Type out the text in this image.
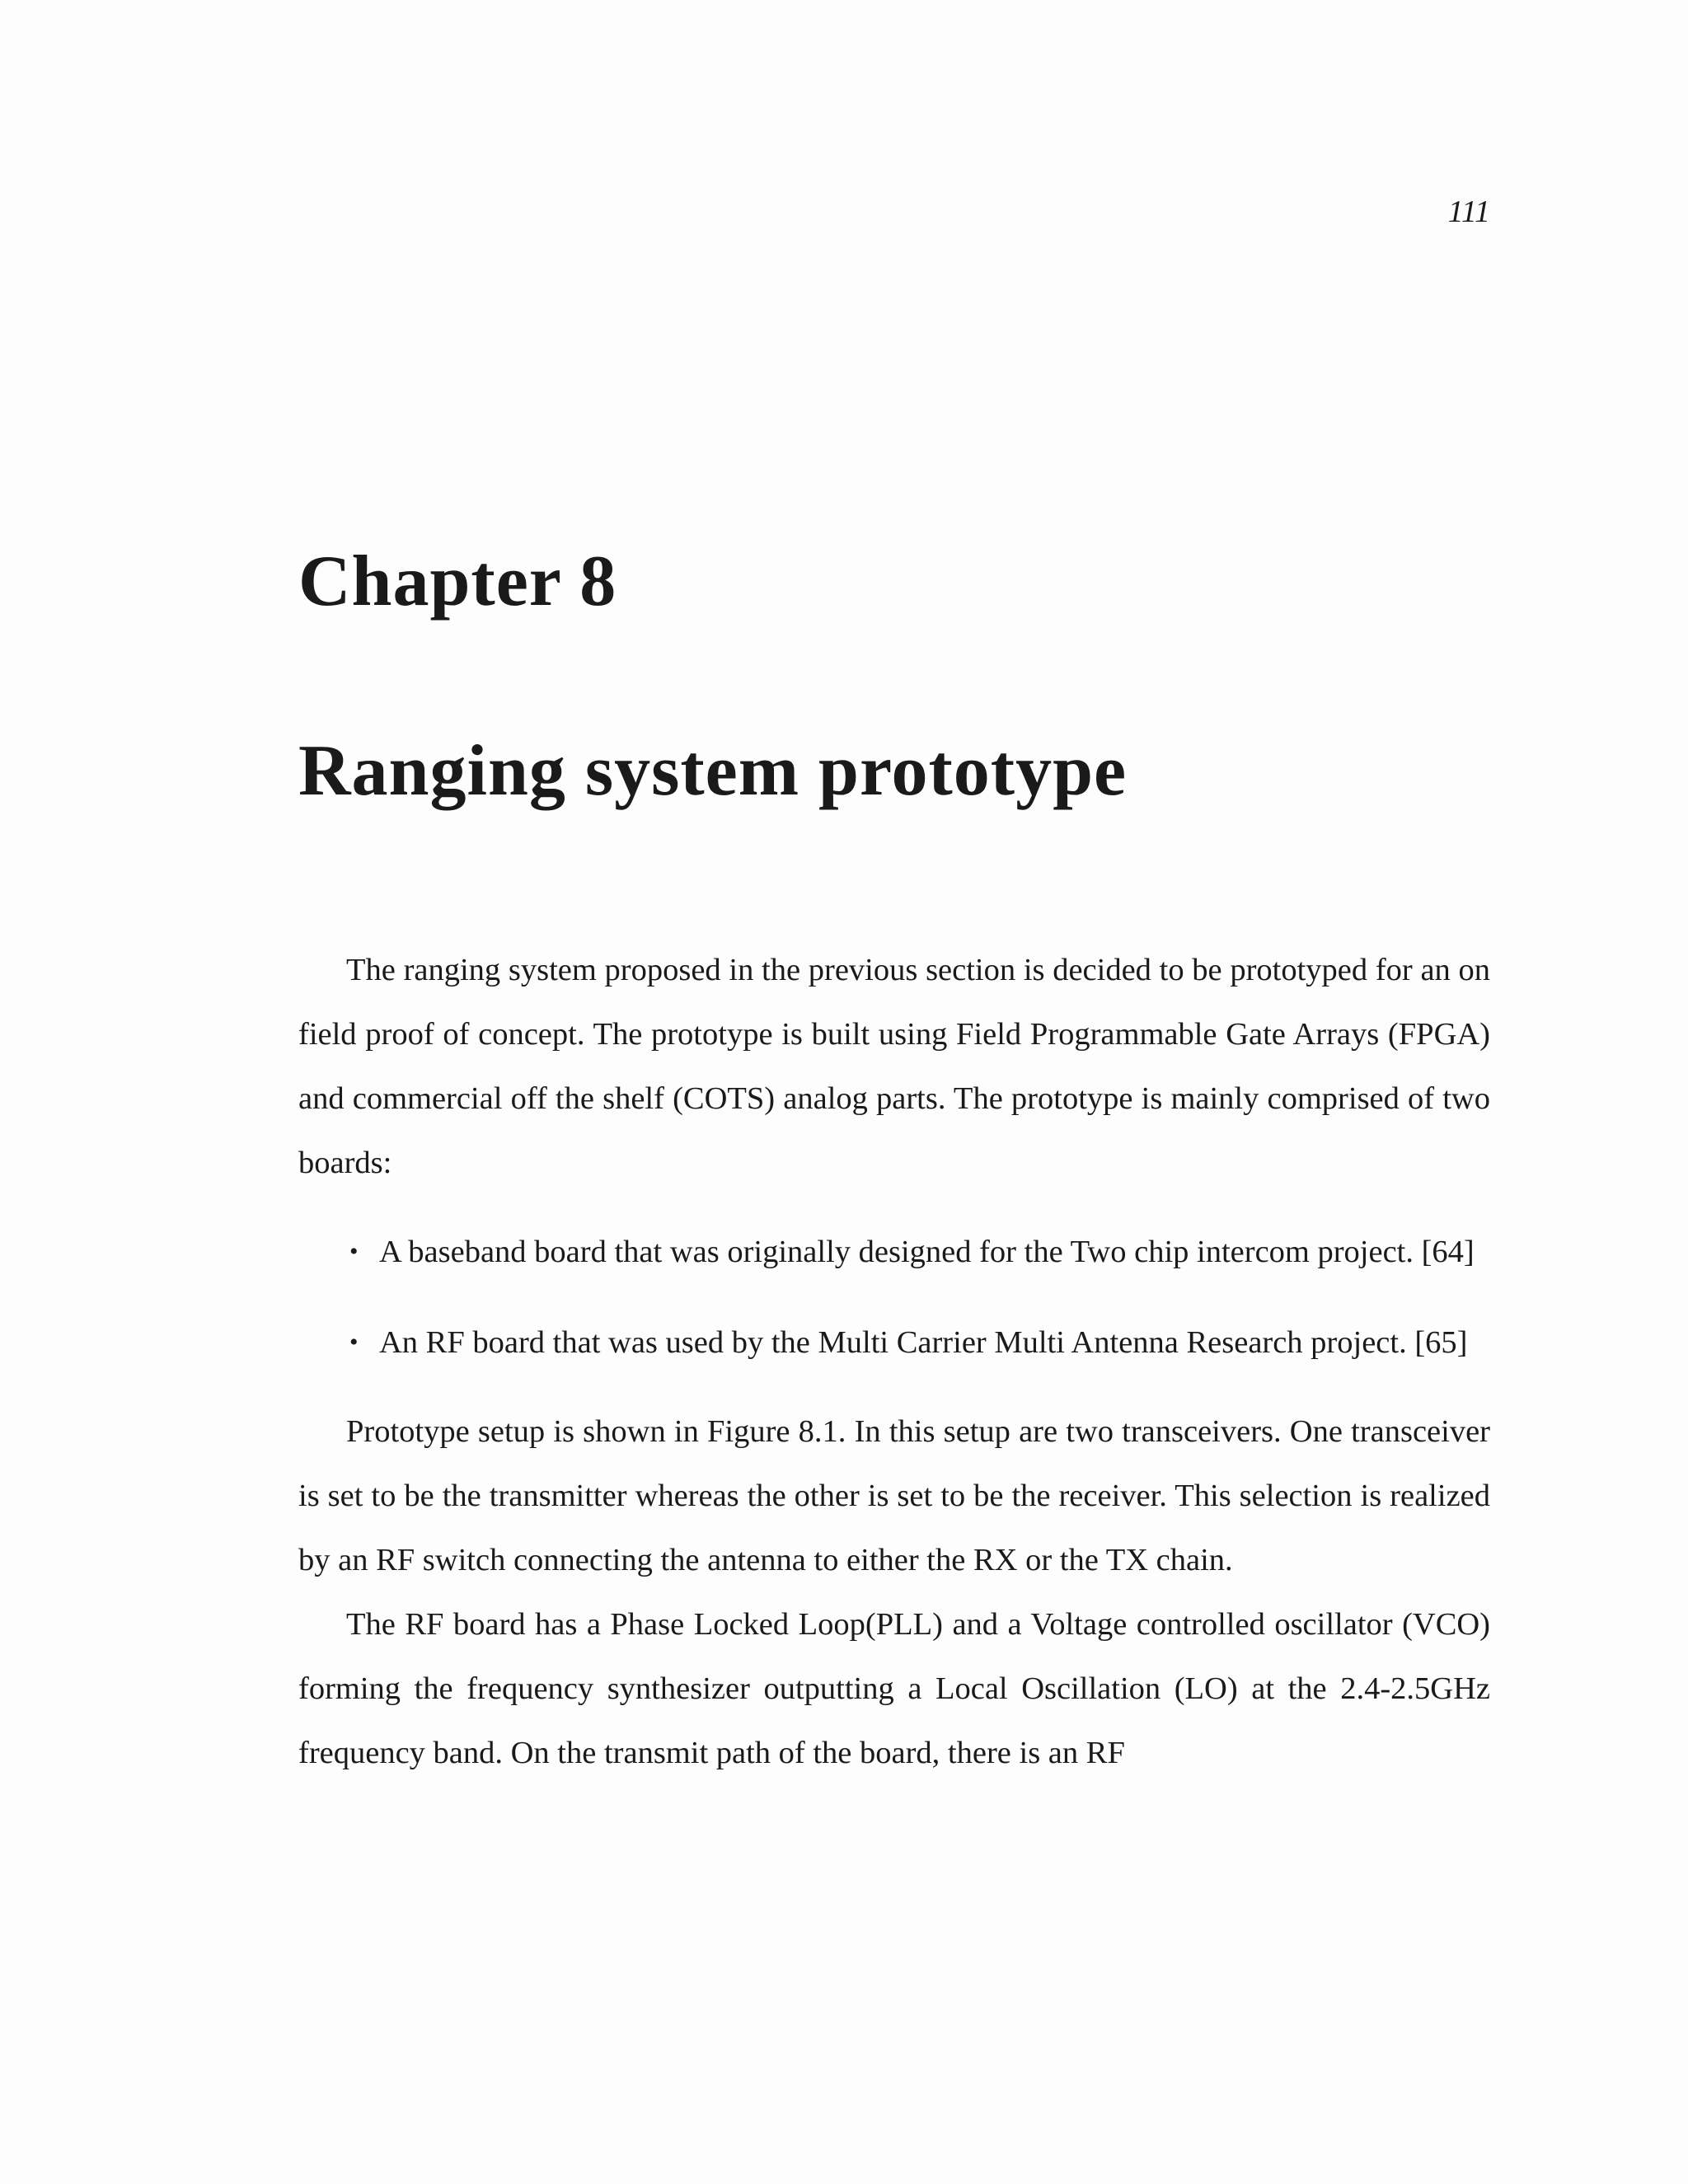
111
Chapter 8
Ranging system prototype

The ranging system proposed in the previous section is decided to be prototyped for an on field proof of concept. The prototype is built using Field Programmable Gate Arrays (FPGA) and commercial off the shelf (COTS) analog parts. The prototype is mainly comprised of two boards:

• A baseband board that was originally designed for the Two chip intercom project. [64]
• An RF board that was used by the Multi Carrier Multi Antenna Research project. [65]

Prototype setup is shown in Figure 8.1. In this setup are two transceivers. One transceiver is set to be the transmitter whereas the other is set to be the receiver. This selection is realized by an RF switch connecting the antenna to either the RX or the TX chain.

The RF board has a Phase Locked Loop(PLL) and a Voltage controlled oscillator (VCO) forming the frequency synthesizer outputting a Local Oscillation (LO) at the 2.4-2.5GHz frequency band. On the transmit path of the board, there is an RF
